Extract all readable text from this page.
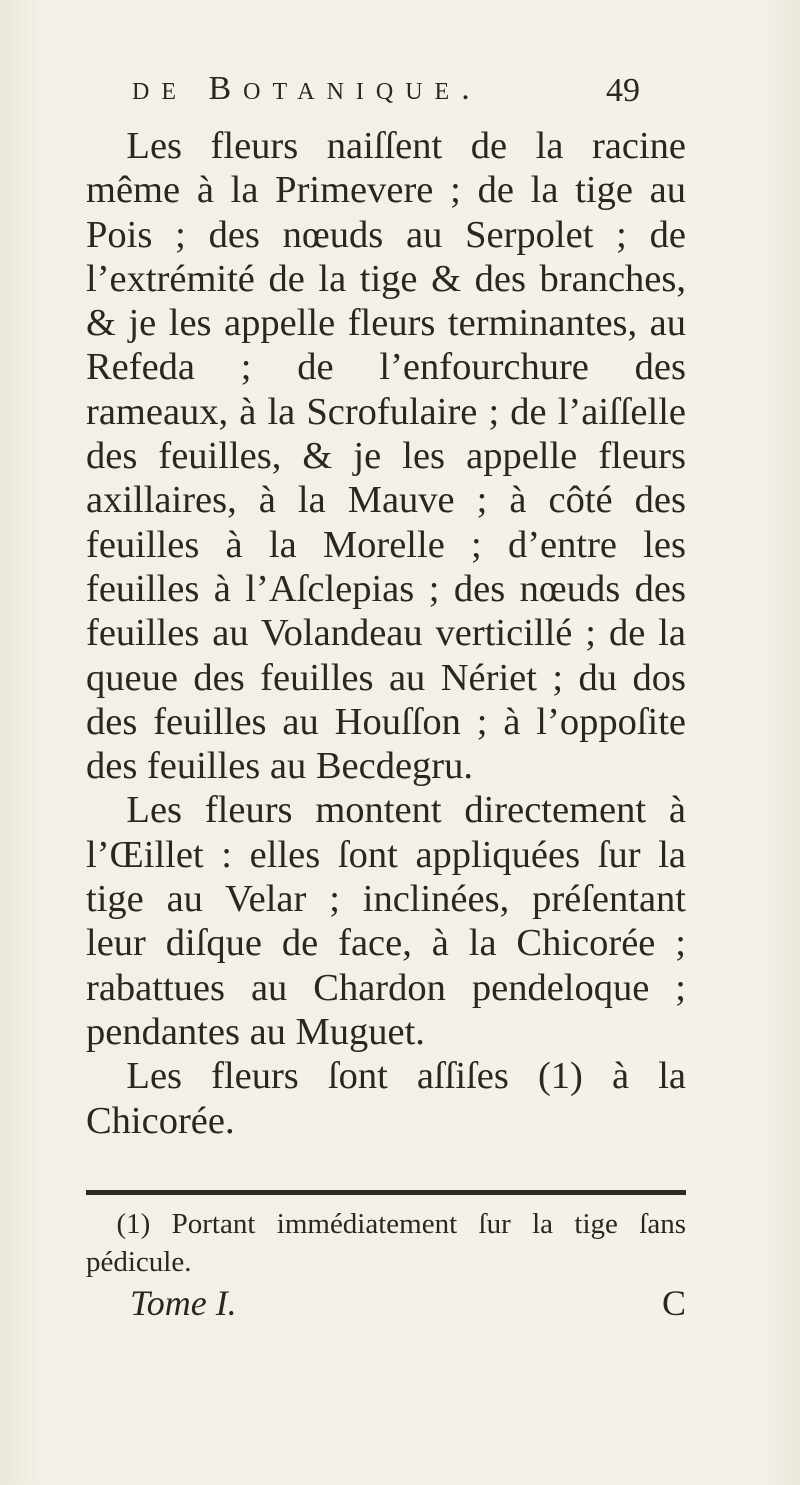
de Botanique.	49

Les fleurs naiſſent de la racine même à la Primevere ; de la tige au Pois ; des nœuds au Serpolet ; de l’extrémité de la tige & des branches, & je les appelle fleurs terminantes, au Refeda ; de l’enfourchure des rameaux, à la Scrofulaire ; de l’aiſſelle des feuilles, & je les appelle fleurs axillaires, à la Mauve ; à côté des feuilles à la Morelle ; d’entre les feuilles à l’Aſclepias ; des nœuds des feuilles au Volandeau verticillé ; de la queue des feuilles au Nériet ; du dos des feuilles au Houſſon ; à l’oppoſite des feuilles au Becdegru.

Les fleurs montent directement à l’Œillet : elles ſont appliquées ſur la tige au Velar ; inclinées, préſentant leur diſque de face, à la Chicorée ; rabattues au Chardon pendeloque ; pendantes au Muguet.

Les fleurs ſont aſſiſes (1) à la Chicorée.

(1) Portant immédiatement ſur la tige ſans pédicule.

Tome I.	C
